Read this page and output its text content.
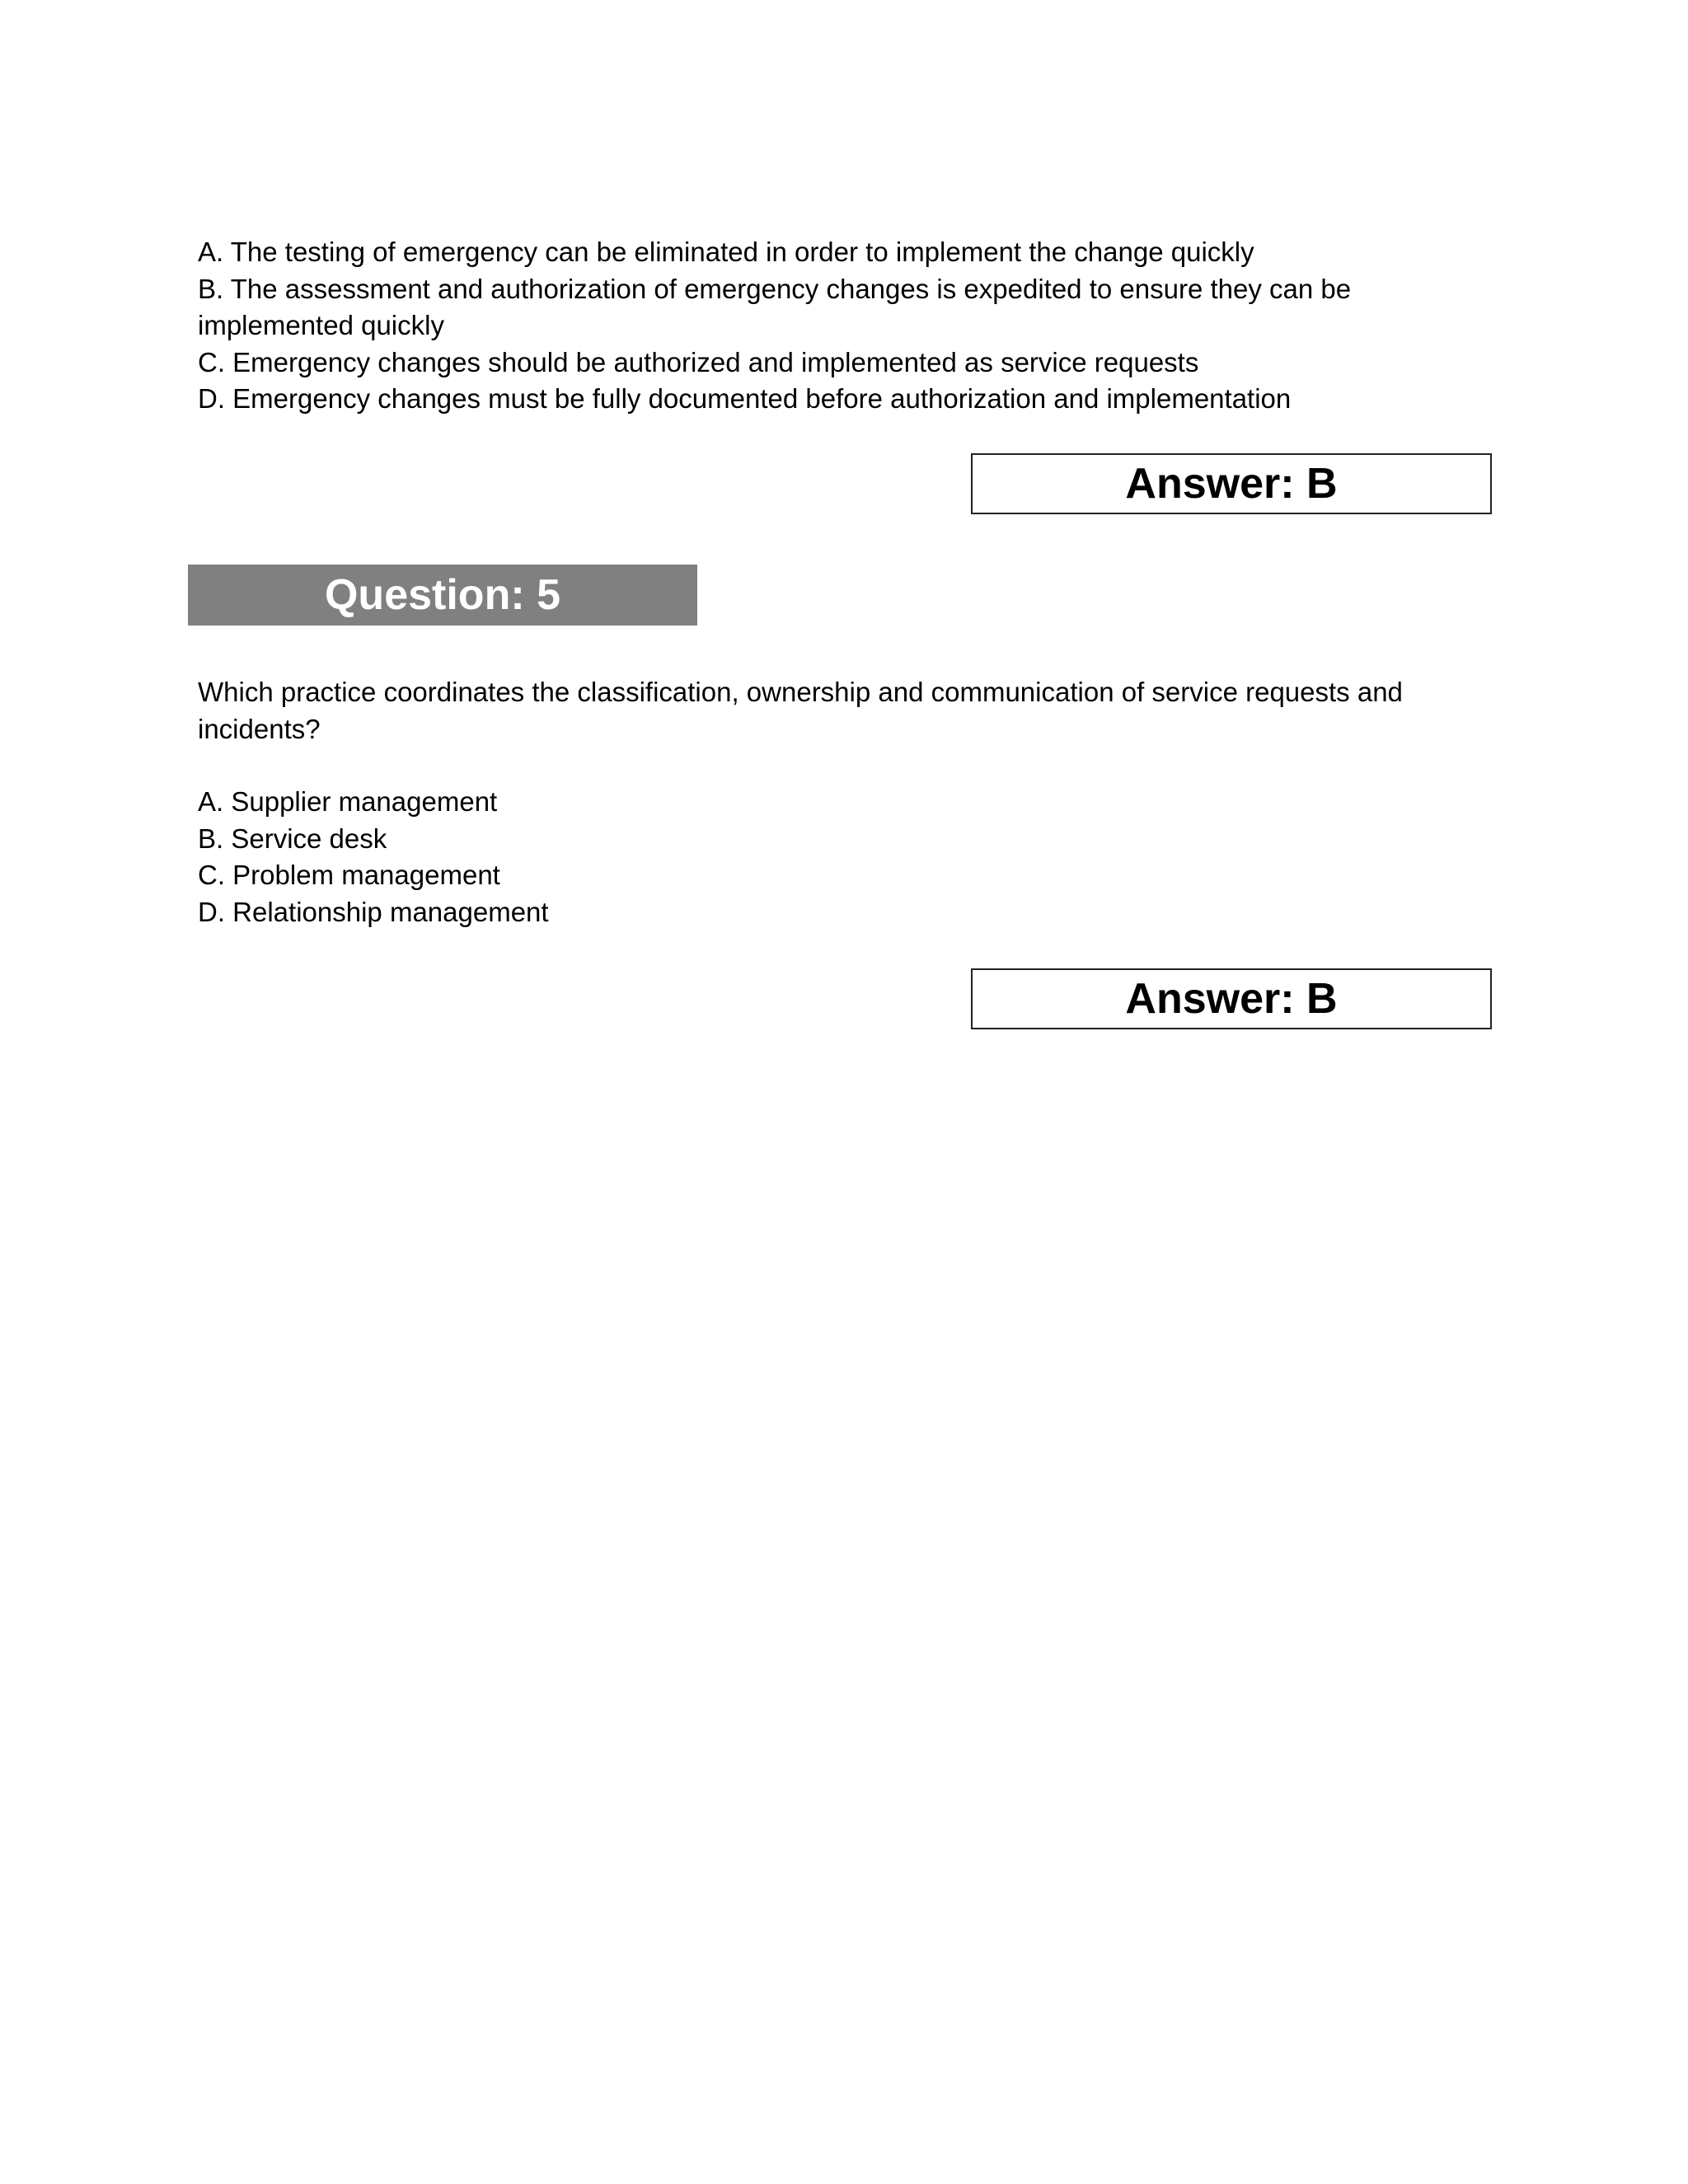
A. The testing of emergency can be eliminated in order to implement the change quickly
B. The assessment and authorization of emergency changes is expedited to ensure they can be
implemented quickly
C. Emergency changes should be authorized and implemented as service requests
D. Emergency changes must be fully documented before authorization and implementation
Answer: B
Question: 5
Which practice coordinates the classification, ownership and communication of service requests and
incidents?
A. Supplier management
B. Service desk
C. Problem management
D. Relationship management
Answer: B
